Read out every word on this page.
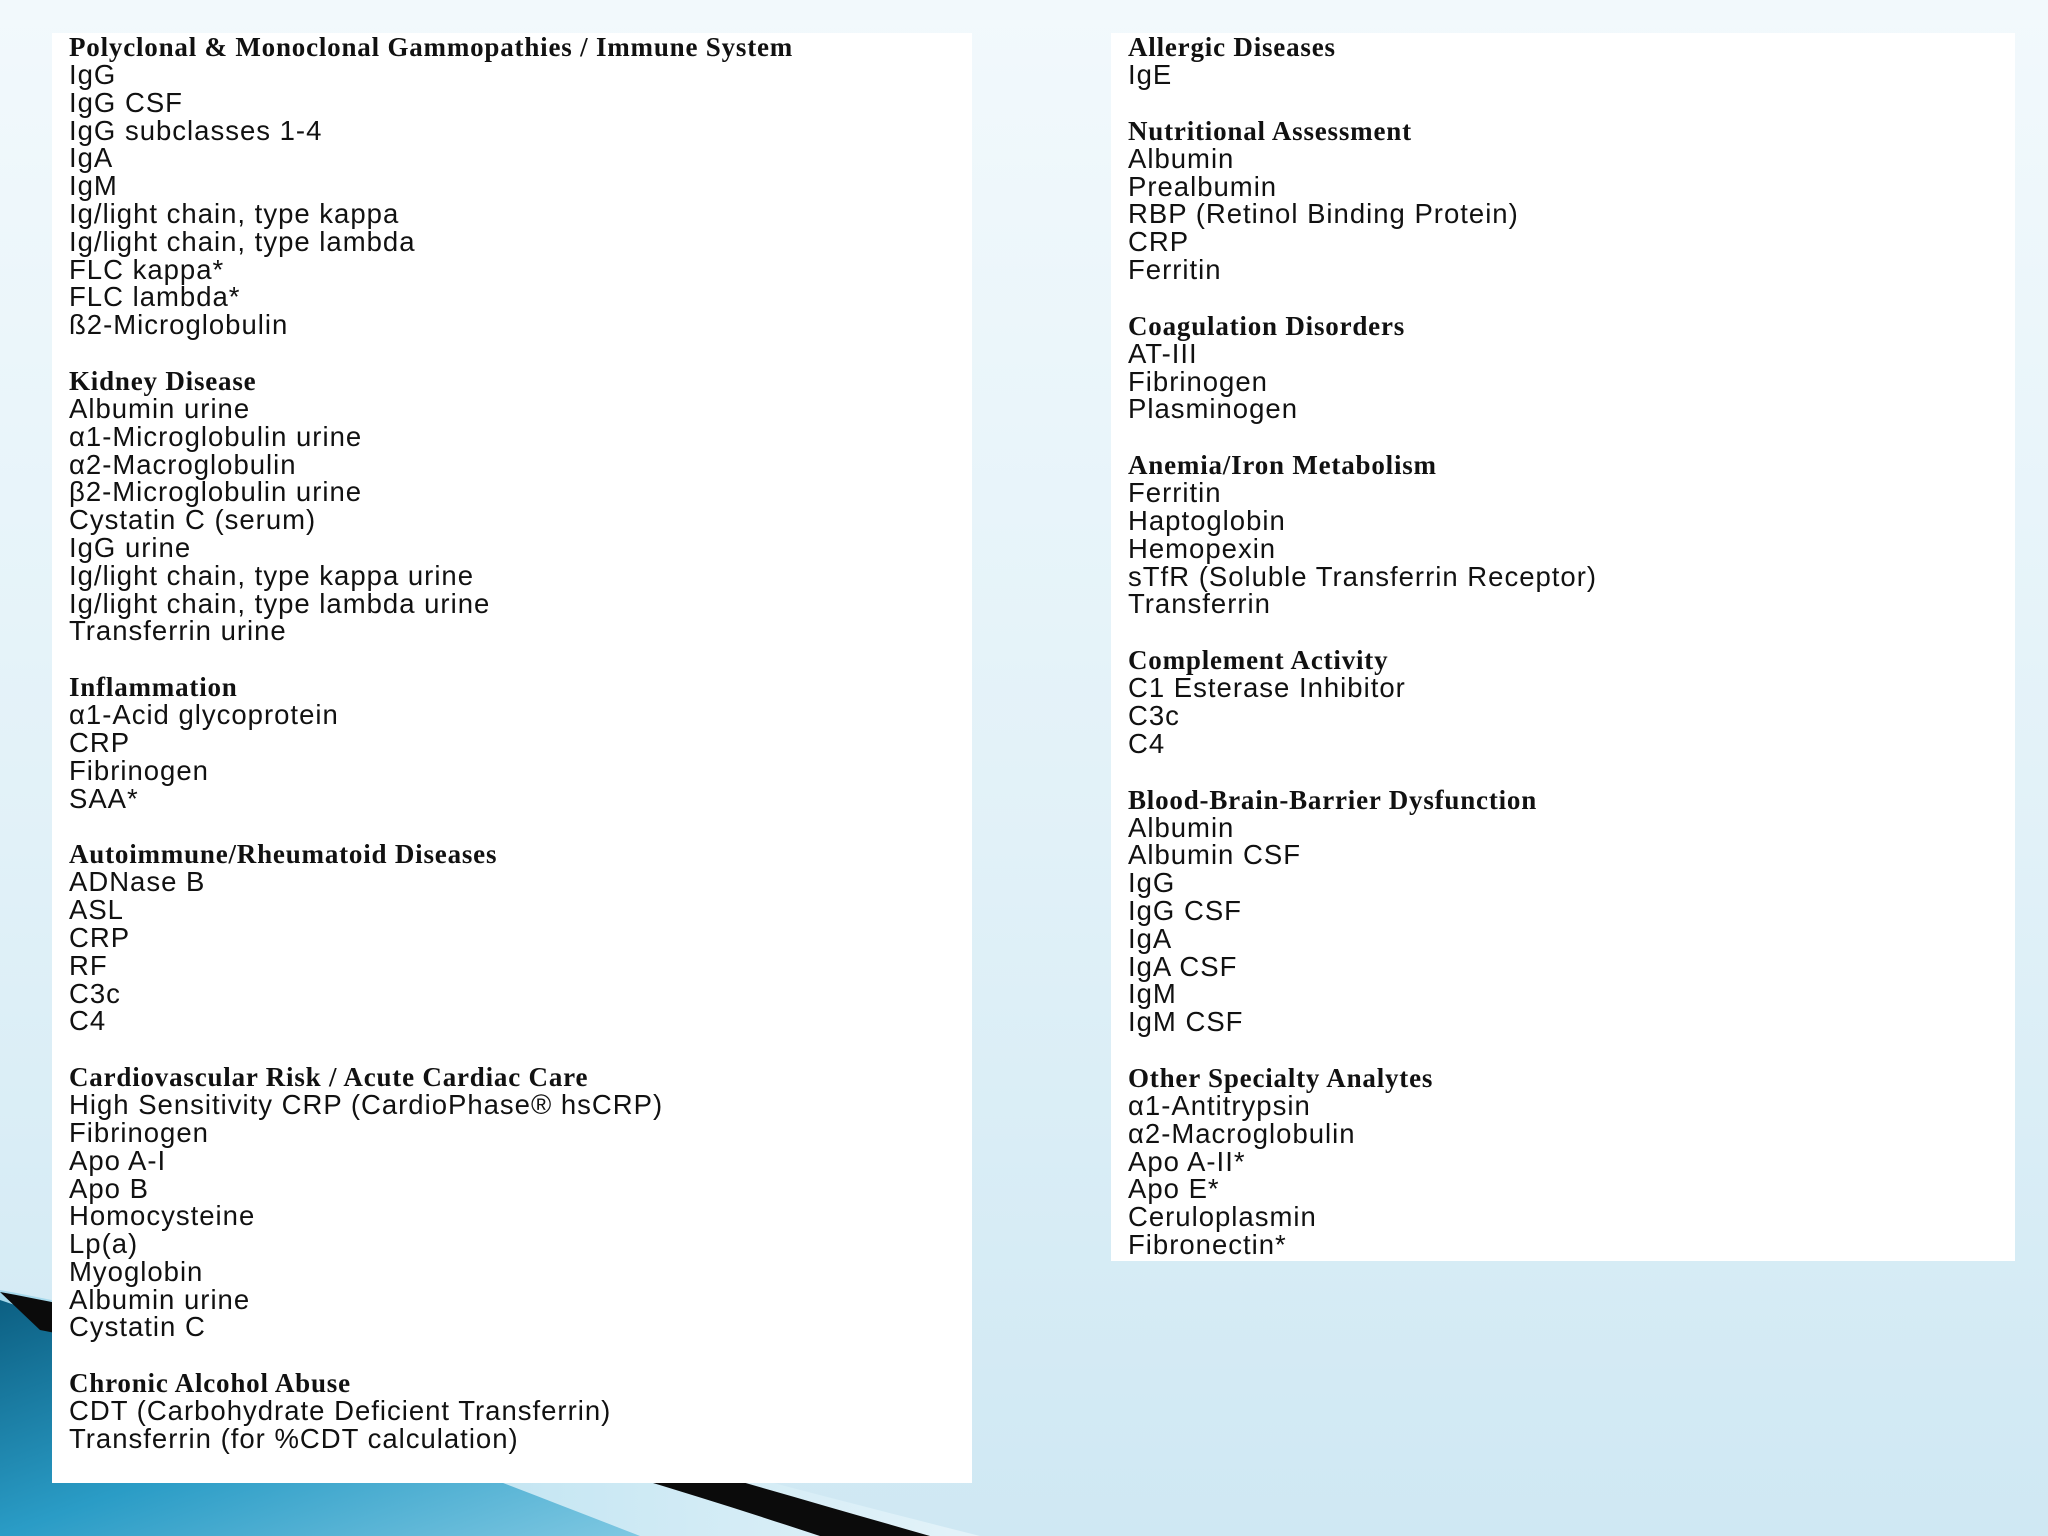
Polyclonal & Monoclonal Gammopathies / Immune System
IgG
IgG CSF
IgG subclasses 1-4
IgA
IgM
Ig/light chain, type kappa
Ig/light chain, type lambda
FLC kappa*
FLC lambda*
ß2-Microglobulin
Kidney Disease
Albumin urine
α1-Microglobulin urine
α2-Macroglobulin
β2-Microglobulin urine
Cystatin C (serum)
IgG urine
Ig/light chain, type kappa urine
Ig/light chain, type lambda urine
Transferrin urine
Inflammation
α1-Acid glycoprotein
CRP
Fibrinogen
SAA*
Autoimmune/Rheumatoid Diseases
ADNase B
ASL
CRP
RF
C3c
C4
Cardiovascular Risk / Acute Cardiac Care
High Sensitivity CRP (CardioPhase® hsCRP)
Fibrinogen
Apo A-I
Apo B
Homocysteine
Lp(a)
Myoglobin
Albumin urine
Cystatin C
Chronic Alcohol Abuse
CDT (Carbohydrate Deficient Transferrin)
Transferrin (for %CDT calculation)
Allergic Diseases
IgE
Nutritional Assessment
Albumin
Prealbumin
RBP (Retinol Binding Protein)
CRP
Ferritin
Coagulation Disorders
AT-III
Fibrinogen
Plasminogen
Anemia/Iron Metabolism
Ferritin
Haptoglobin
Hemopexin
sTfR (Soluble Transferrin Receptor)
Transferrin
Complement Activity
C1 Esterase Inhibitor
C3c
C4
Blood-Brain-Barrier Dysfunction
Albumin
Albumin CSF
IgG
IgG CSF
IgA
IgA CSF
IgM
IgM CSF
Other Specialty Analytes
α1-Antitrypsin
α2-Macroglobulin
Apo A-II*
Apo E*
Ceruloplasmin
Fibronectin*
